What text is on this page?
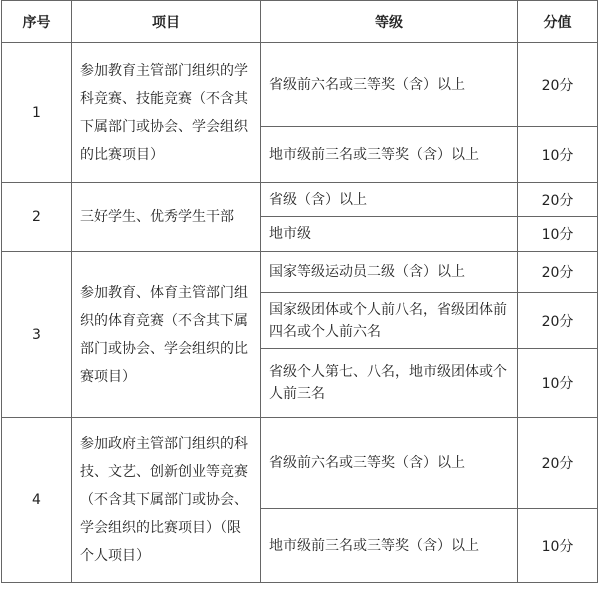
序号	项目	等级	分值
1	参加教育主管部门组织的学科竞赛、技能竞赛（不含其下属部门或协会、学会组织的比赛项目）	省级前六名或三等奖（含）以上	20分
		地市级前三名或三等奖（含）以上	10分
2	三好学生、优秀学生干部	省级（含）以上	20分
		地市级	10分
3	参加教育、体育主管部门组织的体育竞赛（不含其下属部门或协会、学会组织的比赛项目）	国家等级运动员二级（含）以上	20分
		国家级团体或个人前八名，省级团体前四名或个人前六名	20分
		省级个人第七、八名，地市级团体或个人前三名	10分
4	参加政府主管部门组织的科技、文艺、创新创业等竞赛（不含其下属部门或协会、学会组织的比赛项目）（限个人项目）	省级前六名或三等奖（含）以上	20分
		地市级前三名或三等奖（含）以上	10分
